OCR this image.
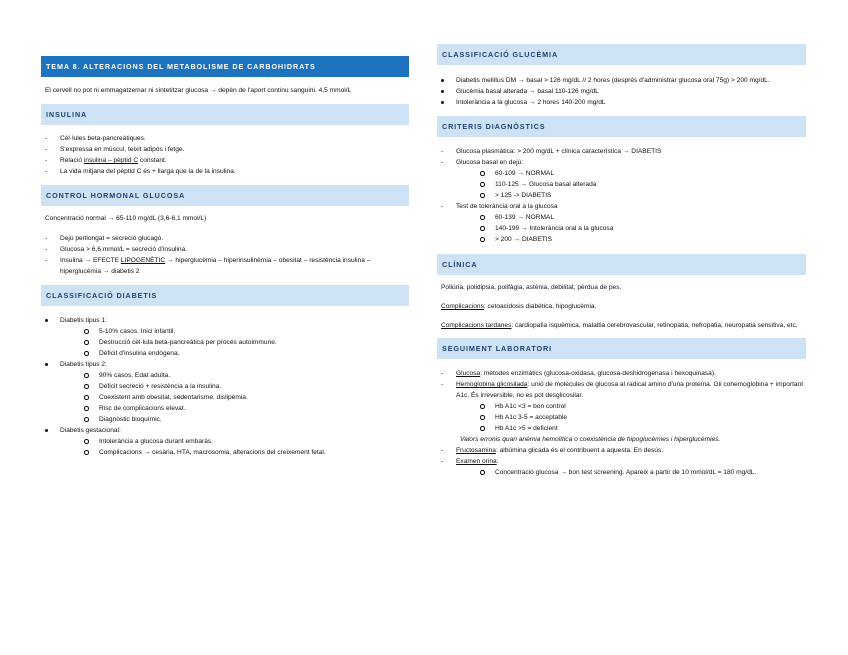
TEMA 8. ALTERACIONS DEL METABOLISME DE CARBOHIDRATS
El cervell no pot ni emmagatzemar ni sintetitzar glucosa → depèn de l'aport continu sanguini. 4,5 mmol/L
INSULINA
- Cèl·lules beta-pancreàtiques.
- S'expressa en múscul, teixit adipós i fetge.
- Relació insulina – pèptid C constant.
- La vida mitjana del pèptid C és + llarga que la de la insulina.
CONTROL HORMONAL GLUCOSA
Concentració normal → 65-110 mg/dL (3,6-6,1 mmol/L)
- Dejú perllongat = secreció glucagó.
- Glucosa > 6,6 mmol/L = secreció d'insulina.
- Insulina → EFECTE LIPOGENÈTIC → hiperglucèmia – hiperinsulinèmia – obesitat – resistència insulina – hiperglucèmia → diabetis 2
CLASSIFICACIÓ DIABETIS
Diabetis tipus 1:
5-10% casos. Inici infantil.
Destrucció cèl·lula beta-pancreàtica per procés autoimmune.
Dèficit d'insulina endògena.
Diabetis tipus 2:
90% casos. Edat adulta.
Dèficit secreció + resistència a la insulina.
Coexistent amb obesitat, sedentarisme, dislipèmia.
Risc de complicacions elevat.
Diagnòstic bioquímic.
Diabetis gestacional:
Intolerància a glucosa durant embaràs.
Complicacions → cesària, HTA, macrosomia, alteracions del creixement fetal.
CLASSIFICACIÓ GLUCÈMIA
Diabetis mellitus DM → basal > 126 mg/dL // 2 hores (després d'administrar glucosa oral 75g) > 200 mg/dL.
Glucèmia basal alterada → basal 110-126 mg/dL
Intolerància a la glucosa → 2 hores 140-200 mg/dL
CRITERIS DIAGNÒSTICS
- Glucosa plasmàtica: > 200 mg/dL + clínica característica → DIABETIS
- Glucosa basal en dejú:
60-109 → NORMAL
110-125 → Glucosa basal alterada
> 125 -> DIABETIS
- Test de tolerància oral a la glucosa
60-139 → NORMAL
140-199 → Intolerància oral a la glucosa
> 200 → DIABETIS
CLÍNICA
Poliúria, polidipsia, polifàgia, astènia, debilitat, pèrdua de pes.
Complicacions: cetoacidosis diabètica, hipoglucèmia.
Complicacions tardanes: cardiopatia isquèmica, malaltia cerebrovascular, retinopatia, nefropatia, neuropatia sensitiva, etc.
SEGUIMENT LABORATORI
- Glucosa: mètodes enzimàtics (glucosa-oxidasa, glucosa-deshidrogenasa i hexoquinasa).
- Hemoglobina glicosilada: unió de molècules de glucosa al radical amino d'una proteïna. Gli cohemoglobina + important A1c. És irreversible, no es pot desglicosilar.
Hb A1c <3 = bon control
Hb A1c 3-5 = acceptable
Hb A1c >5 = deficient
Valors erronis quan anèmia hemolítica o coexistència de hipoglucèmies i hiperglucèmies.
- Fructosamina: albúmina glicada és el contribuent a aquesta. En desús.
- Examen orina:
Concentració glucosa → bon test screening. Apareix a partir de 10 mmol/dL = 180 mg/dL.
